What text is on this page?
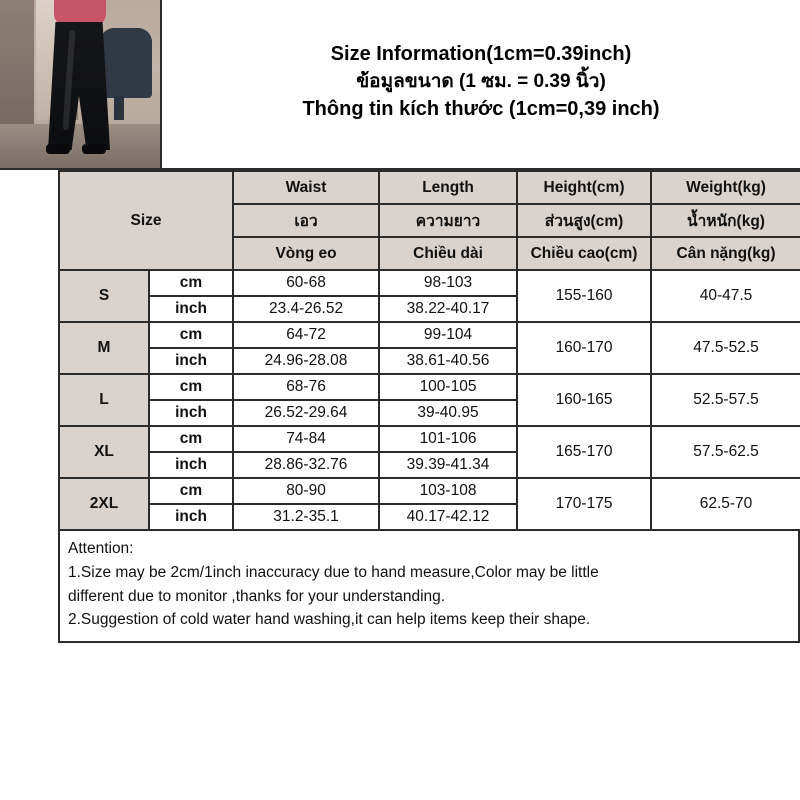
Size Information(1cm=0.39inch)
ข้อมูลขนาด (1 ซม. = 0.39 นิ้ว)
Thông tin kích thước (1cm=0,39 inch)
Size		Waist	Length	Height(cm)	Weight(kg)
		เอว	ความยาว	ส่วนสูง(cm)	น้ำหนัก(kg)
		Vòng eo	Chiều dài	Chiều cao(cm)	Cân nặng(kg)
S	cm	60-68	98-103	155-160	40-47.5
	inch	23.4-26.52	38.22-40.17		
M	cm	64-72	99-104	160-170	47.5-52.5
	inch	24.96-28.08	38.61-40.56		
L	cm	68-76	100-105	160-165	52.5-57.5
	inch	26.52-29.64	39-40.95		
XL	cm	74-84	101-106	165-170	57.5-62.5
	inch	28.86-32.76	39.39-41.34		
2XL	cm	80-90	103-108	170-175	62.5-70
	inch	31.2-35.1	40.17-42.12		

Attention:

1.Size may be 2cm/1inch inaccuracy due to hand measure,Color may be little

different due to monitor ,thanks for your understanding.

2.Suggestion of cold water hand washing,it can help items keep their shape.
